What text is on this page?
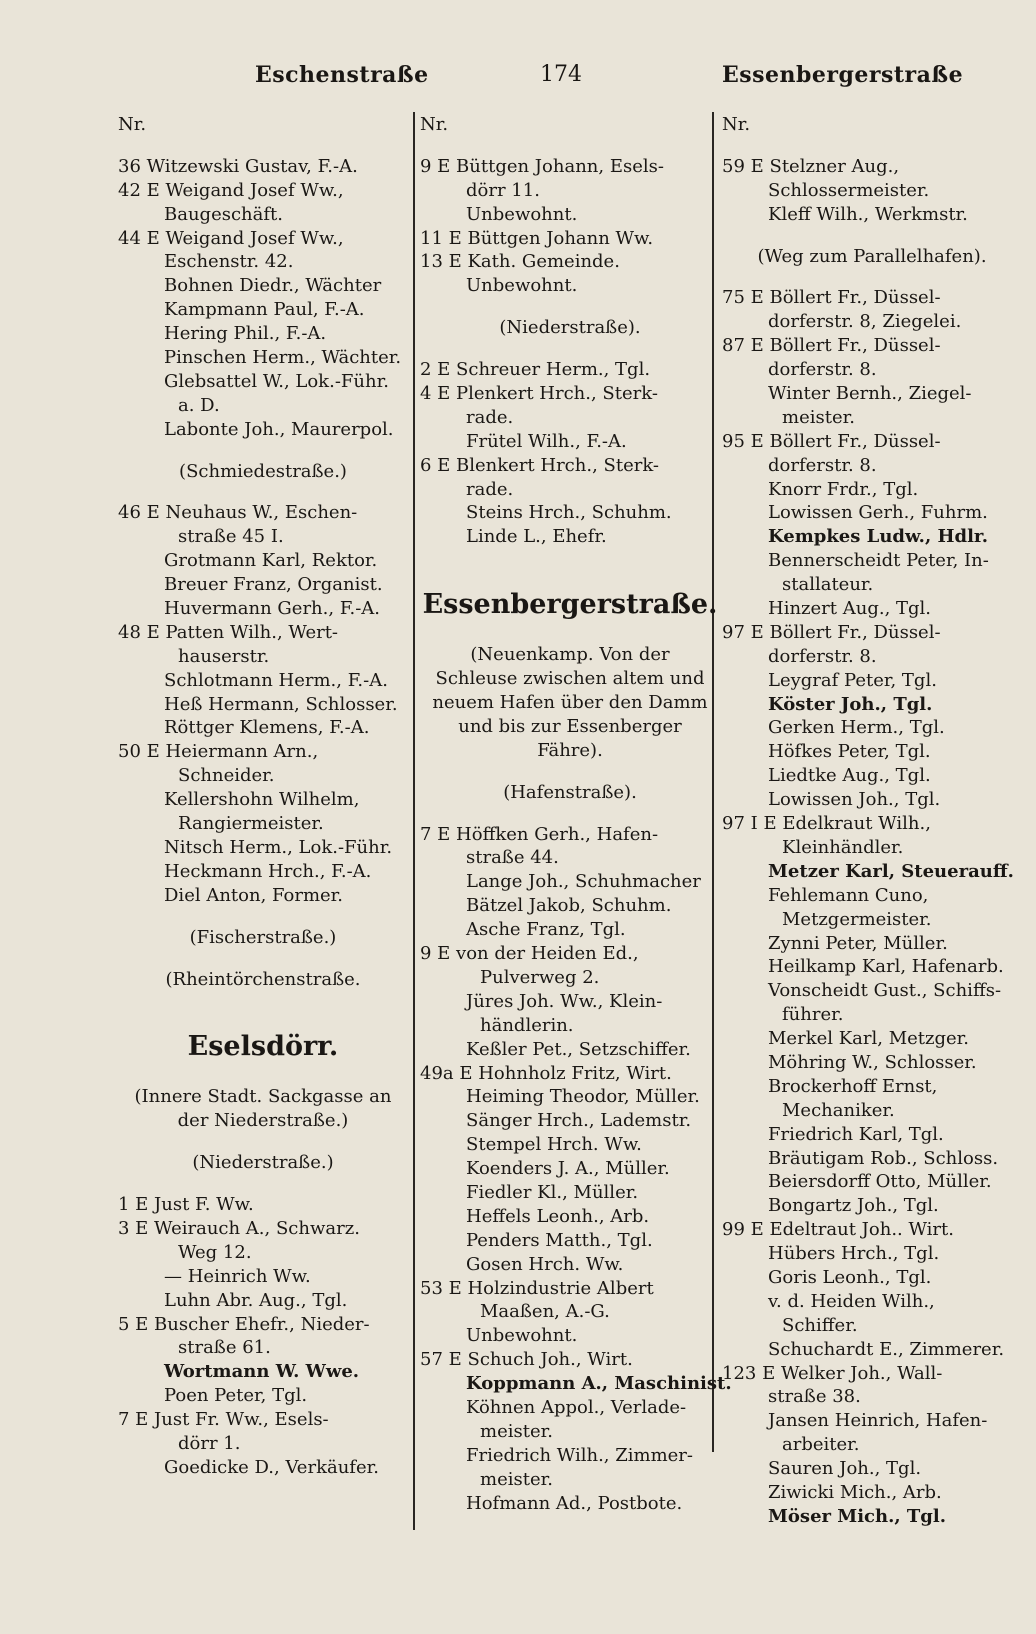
Eschenstraße	174	Essenbergerstraße
Nr.
36 Witzewski Gustav, F.-A.
42 E Weigand Josef Ww.,
Baugeschäft.
44 E Weigand Josef Ww.,
Eschenstr. 42.
Bohnen Diedr., Wächter
Kampmann Paul, F.-A.
Hering Phil., F.-A.
Pinschen Herm., Wächter.
Glebsattel W., Lok.-Führ.
a. D.
Labonte Joh., Maurerpol.
(Schmiedestraße.)
46 E Neuhaus W., Eschen-
straße 45 I.
Grotmann Karl, Rektor.
Breuer Franz, Organist.
Huvermann Gerh., F.-A.
48 E Patten Wilh., Wert-
hauserstr.
Schlotmann Herm., F.-A.
Heß Hermann, Schlosser.
Röttger Klemens, F.-A.
50 E Heiermann Arn.,
Schneider.
Kellershohn Wilhelm,
Rangiermeister.
Nitsch Herm., Lok.-Führ.
Heckmann Hrch., F.-A.
Diel Anton, Former.
(Fischerstraße.)
(Rheintörchenstraße.
Eselsdörr.
(Innere Stadt. Sackgasse an
der Niederstraße.)
(Niederstraße.)
1 E Just F. Ww.
3 E Weirauch A., Schwarz.
Weg 12.
— Heinrich Ww.
Luhn Abr. Aug., Tgl.
5 E Buscher Ehefr., Nieder-
straße 61.
Wortmann W. Wwe.
Poen Peter, Tgl.
7 E Just Fr. Ww., Esels-
dörr 1.
Goedicke D., Verkäufer.
Nr.
9 E Büttgen Johann, Esels-
dörr 11.
Unbewohnt.
11 E Büttgen Johann Ww.
13 E Kath. Gemeinde.
Unbewohnt.
(Niederstraße).
2 E Schreuer Herm., Tgl.
4 E Plenkert Hrch., Sterk-
rade.
Frütel Wilh., F.-A.
6 E Blenkert Hrch., Sterk-
rade.
Steins Hrch., Schuhm.
Linde L., Ehefr.
Essenbergerstraße.
(Neuenkamp. Von der
Schleuse zwischen altem und
neuem Hafen über den Damm
und bis zur Essenberger
Fähre).
(Hafenstraße).
7 E Höffken Gerh., Hafen-
straße 44.
Lange Joh., Schuhmacher
Bätzel Jakob, Schuhm.
Asche Franz, Tgl.
9 E von der Heiden Ed.,
Pulverweg 2.
Jüres Joh. Ww., Klein-
händlerin.
Keßler Pet., Setzschiffer.
49a E Hohnholz Fritz, Wirt.
Heiming Theodor, Müller.
Sänger Hrch., Lademstr.
Stempel Hrch. Ww.
Koenders J. A., Müller.
Fiedler Kl., Müller.
Heffels Leonh., Arb.
Penders Matth., Tgl.
Gosen Hrch. Ww.
53 E Holzindustrie Albert
Maaßen, A.-G.
Unbewohnt.
57 E Schuch Joh., Wirt.
Koppmann A., Maschinist.
Köhnen Appol., Verlade-
meister.
Friedrich Wilh., Zimmer-
meister.
Hofmann Ad., Postbote.
Nr.
59 E Stelzner Aug.,
Schlossermeister.
Kleff Wilh., Werkmstr.
(Weg zum Parallelhafen).
75 E Böllert Fr., Düssel-
dorferstr. 8, Ziegelei.
87 E Böllert Fr., Düssel-
dorferstr. 8.
Winter Bernh., Ziegel-
meister.
95 E Böllert Fr., Düssel-
dorferstr. 8.
Knorr Frdr., Tgl.
Lowissen Gerh., Fuhrm.
Kempkes Ludw., Hdlr.
Bennerscheidt Peter, In-
stallateur.
Hinzert Aug., Tgl.
97 E Böllert Fr., Düssel-
dorferstr. 8.
Leygraf Peter, Tgl.
Köster Joh., Tgl.
Gerken Herm., Tgl.
Höfkes Peter, Tgl.
Liedtke Aug., Tgl.
Lowissen Joh., Tgl.
97 I E Edelkraut Wilh.,
Kleinhändler.
Metzer Karl, Steuerauff.
Fehlemann Cuno,
Metzgermeister.
Zynni Peter, Müller.
Heilkamp Karl, Hafenarb.
Vonscheidt Gust., Schiffs-
führer.
Merkel Karl, Metzger.
Möhring W., Schlosser.
Brockerhoff Ernst,
Mechaniker.
Friedrich Karl, Tgl.
Bräutigam Rob., Schloss.
Beiersdorff Otto, Müller.
Bongartz Joh., Tgl.
99 E Edeltraut Joh.. Wirt.
Hübers Hrch., Tgl.
Goris Leonh., Tgl.
v. d. Heiden Wilh.,
Schiffer.
Schuchardt E., Zimmerer.
123 E Welker Joh., Wall-
straße 38.
Jansen Heinrich, Hafen-
arbeiter.
Sauren Joh., Tgl.
Ziwicki Mich., Arb.
Möser Mich., Tgl.
